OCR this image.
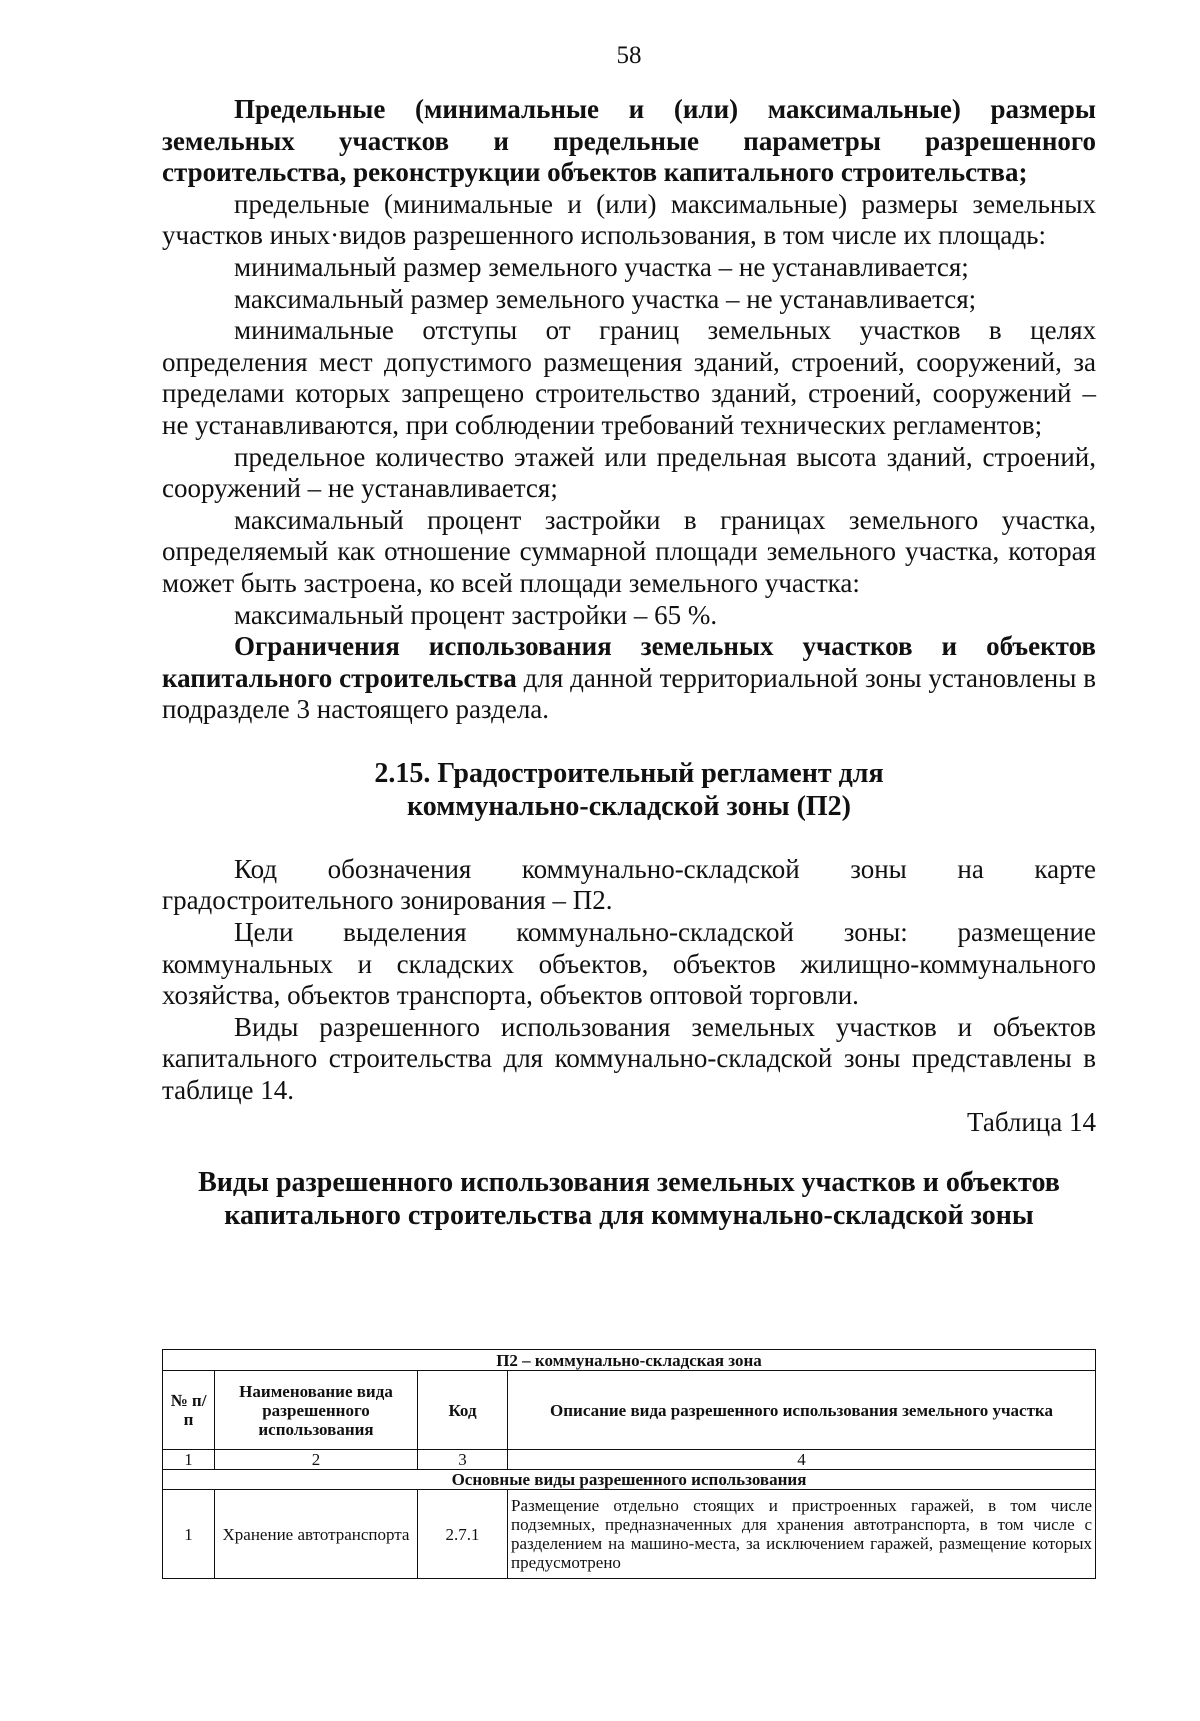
58

Предельные (минимальные и (или) максимальные) размеры земельных участков и предельные параметры разрешенного строительства, реконструкции объектов капитального строительства;

предельные (минимальные и (или) максимальные) размеры земельных участков иных·видов разрешенного использования, в том числе их площадь:

минимальный размер земельного участка – не устанавливается;

максимальный размер земельного участка – не устанавливается;

минимальные отступы от границ земельных участков в целях определения мест допустимого размещения зданий, строений, сооружений, за пределами которых запрещено строительство зданий, строений, сооружений – не устанавливаются, при соблюдении требований технических регламентов;

предельное количество этажей или предельная высота зданий, строений, сооружений – не устанавливается;

максимальный процент застройки в границах земельного участка, определяемый как отношение суммарной площади земельного участка, которая может быть застроена, ко всей площади земельного участка:

максимальный процент застройки – 65 %.

Ограничения использования земельных участков и объектов капитального строительства для данной территориальной зоны установлены в подразделе 3 настоящего раздела.

2.15. Градостроительный регламент для
коммунально-складской зоны (П2)

Код обозначения коммунально-складской зоны на карте градостроительного зонирования – П2.

Цели выделения коммунально-складской зоны: размещение коммунальных и складских объектов, объектов жилищно-коммунального хозяйства, объектов транспорта, объектов оптовой торговли.

Виды разрешенного использования земельных участков и объектов капитального строительства для коммунально-складской зоны представлены в таблице 14.

Таблица 14

Виды разрешенного использования земельных участков и объектов
капитального строительства для коммунально-складской зоны

П2 – коммунально-складская зона			
№ п/п	Наименование вида разрешенного использования	Код	Описание вида разрешенного использования земельного участка
1	2	3	4
Основные виды разрешенного использования			
1	Хранение автотранспорта	2.7.1	Размещение отдельно стоящих и пристроенных гаражей, в том числе подземных, предназначенных для хранения автотранспорта, в том числе с разделением на машино-места, за исключением гаражей, размещение которых предусмотрено
